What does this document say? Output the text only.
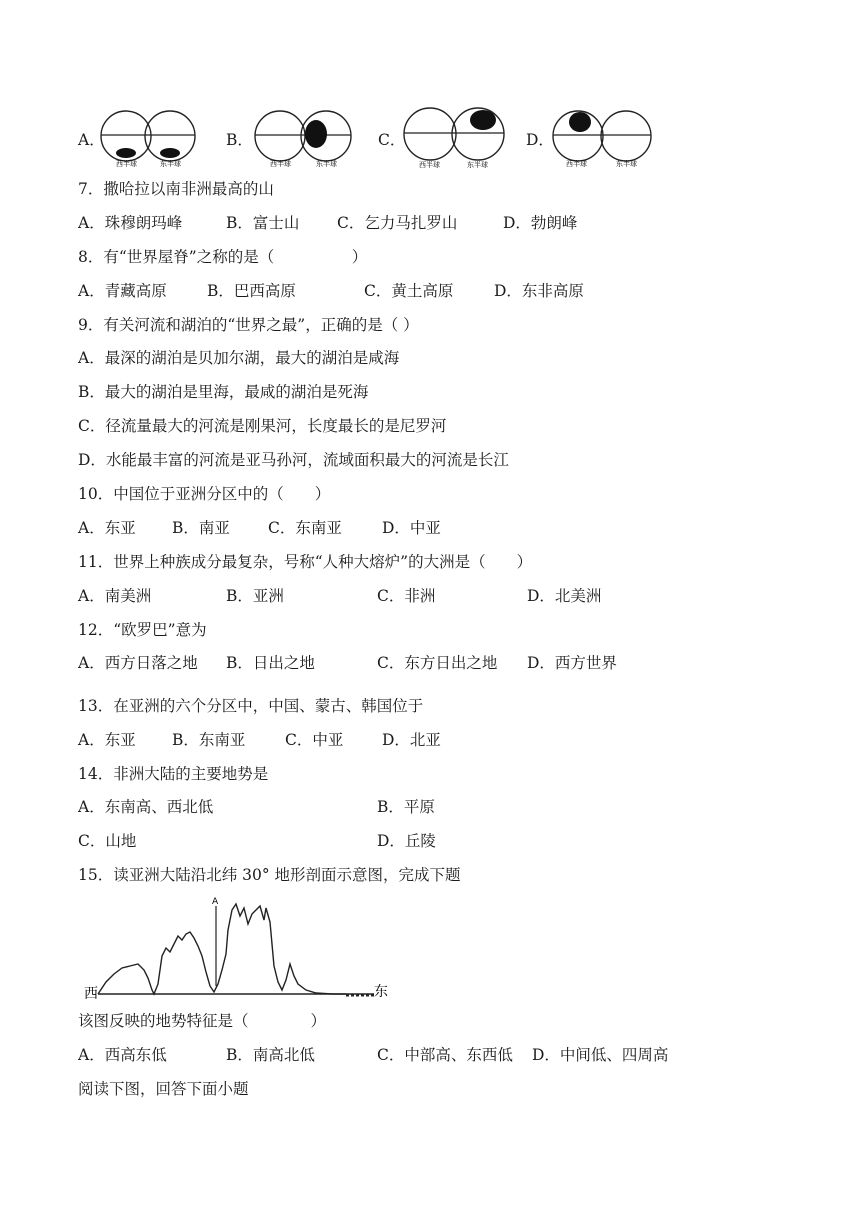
A．
西半球	东半球
B．
西半球	东半球
C．
西半球	东半球
D．
西半球	东半球
7．撒哈拉以南非洲最高的山
A．珠穆朗玛峰	B．富士山 C．乞力马扎罗山	D．勃朗峰
8．有“世界屋脊”之称的是（　　　　　）
A．青藏高原	B．巴西高原	C．黄土高原	D．东非高原
9．有关河流和湖泊的“世界之最”，正确的是（ ）
A．最深的湖泊是贝加尔湖，最大的湖泊是咸海
B．最大的湖泊是里海，最咸的湖泊是死海
C．径流量最大的河流是刚果河，长度最长的是尼罗河
D．水能最丰富的河流是亚马孙河，流域面积最大的河流是长江
10．中国位于亚洲分区中的（　　）
A．东亚 B．南亚 C．东南亚	D．中亚
11．世界上种族成分最复杂，号称“人种大熔炉”的大洲是（　　）
A．南美洲	B．亚洲	C．非洲	D．北美洲
12．“欧罗巴”意为
A．西方日落之地 B．日出之地	C．东方日出之地 D．西方世界
13．在亚洲的六个分区中，中国、蒙古、韩国位于
A．东亚 B．东南亚	C．中亚 D．北亚
14．非洲大陆的主要地势是
A．东南高、西北低	B．平原
C．山地	D．丘陵
15．读亚洲大陆沿北纬 30° 地形剖面示意图，完成下题
A
西	东
该图反映的地势特征是（　　　　）
A．西高东低	B．南高北低	C．中部高、东西低 D．中间低、四周高
阅读下图，回答下面小题
